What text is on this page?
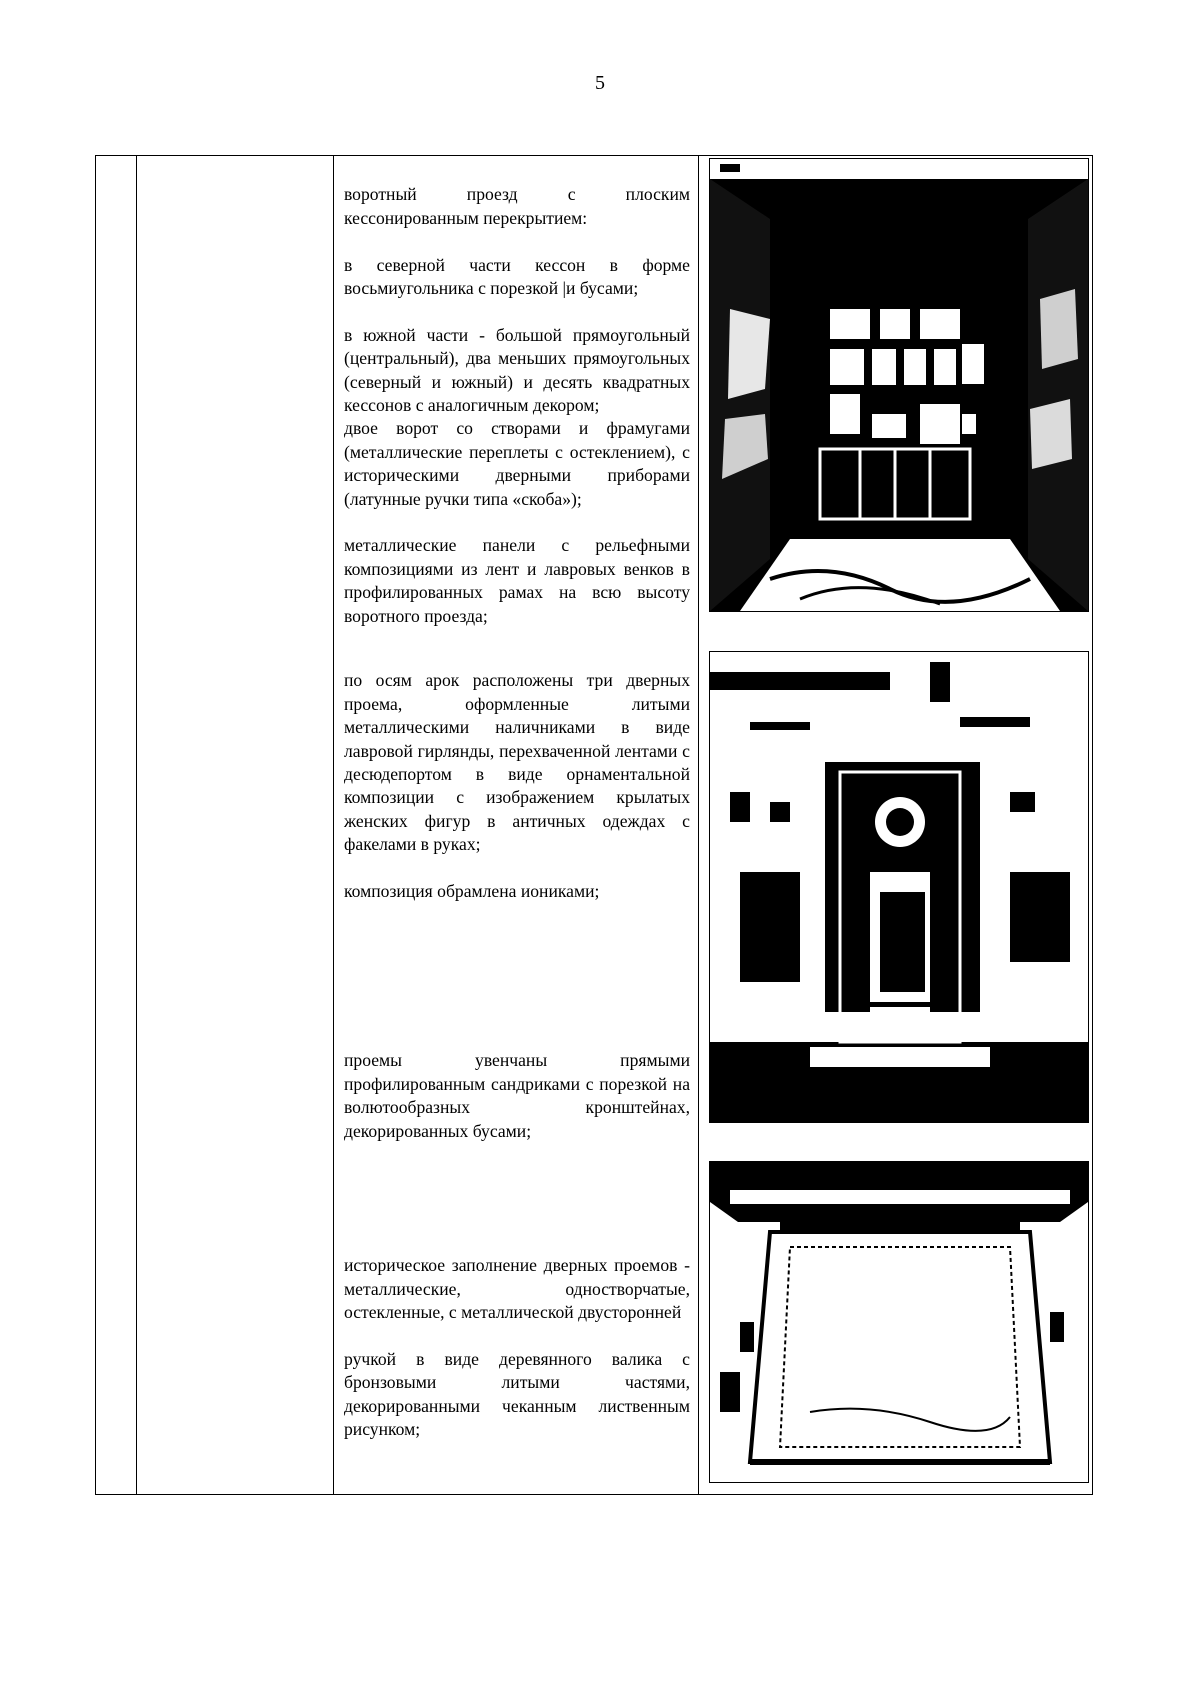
5

воротный проезд с плоским кессонированным перекрытием:

в северной части кессон в форме восьмиугольника с порезкой |и бусами;

в южной части - большой прямоугольный (центральный), два меньших прямоугольных (северный и южный) и десять квадратных кессонов с аналогичным декором;

двое ворот со створами и фрамугами (металлические переплеты с остеклением), с историческими дверными приборами (латунные ручки типа «скоба»);

металлические панели с рельефными композициями из лент и лавровых венков в профилированных рамах на всю высоту воротного проезда;

по осям арок расположены три дверных проема, оформленные литыми металлическими наличниками в виде лавровой гирлянды, перехваченной лентами с десюдепортом в виде орнаментальной композиции с изображением крылатых женских фигур в античных одеждах с факелами в руках;

композиция обрамлена иониками;

проемы увенчаны прямыми профилированным сандриками с порезкой на волютообразных кронштейнах, декорированных бусами;

историческое заполнение дверных проемов - металлические, одностворчатые, остекленные, с металлической двусторонней

ручкой в виде деревянного валика с бронзовыми литыми частями, декорированными чеканным лиственным рисунком;
